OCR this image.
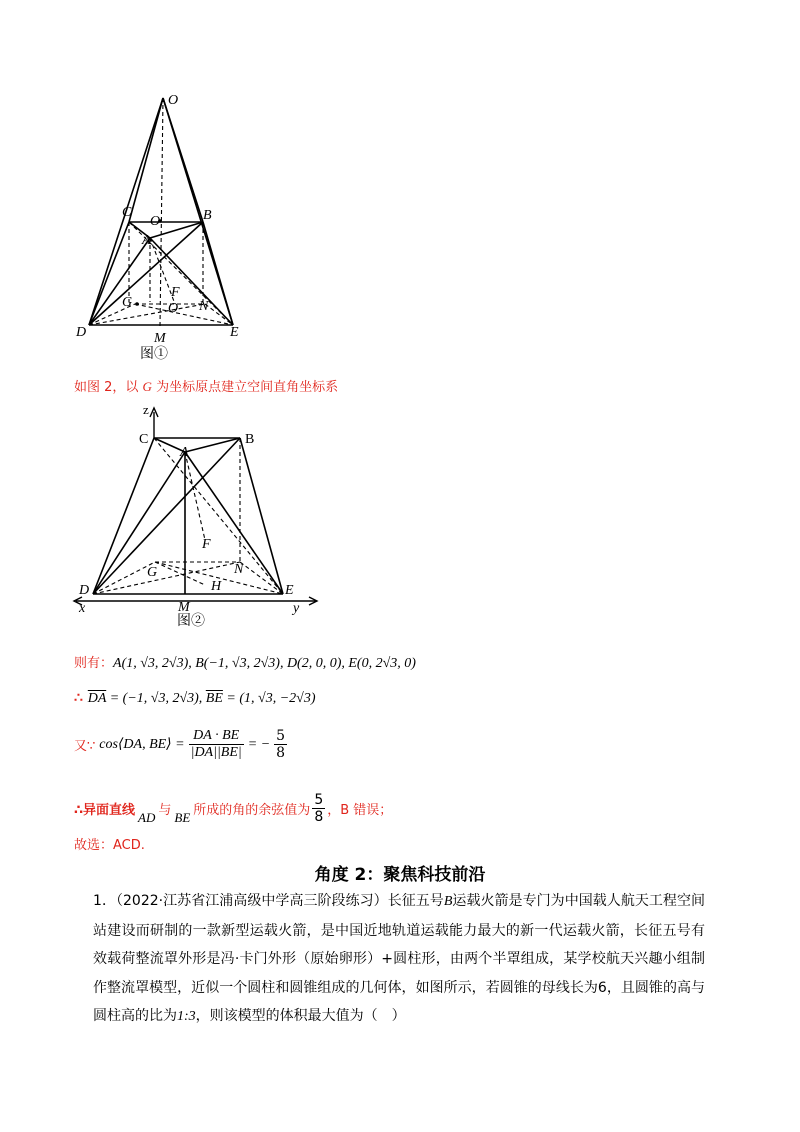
O
C	B
O
A
G
F
O N
D	M	E
图①
如图 2，以 G 为坐标原点建立空间直角坐标系
z
C	B
A
F
G	N
H
D	E
x	M	y
图②
则有：A(1, √3, 2√3), B(−1, √3, 2√3), D(2, 0, 0), E(0, 2√3, 0)
∴ $\overline{DA} = (-1$, √3, 2√3), $\overline{BE} = (1$, √3, −2√3)
又∵ cos⟨DA, BE⟩ = $\frac{DA \cdot BE}{|DA||BE|}$ = − $\frac{5}{8}$
∴异面直线 AD 与 BE 所成的角的余弦值为 $\frac{5}{8}$ ，B 错误；
故选：ACD.
角度 2：聚焦科技前沿
1．（2022·江苏省江浦高级中学高三阶段练习）长征五号B运载火箭是专门为中国载人航天工程空间站建设而研制的一款新型运载火箭，是中国近地轨道运载能力最大的新一代运载火箭，长征五号有效载荷整流罩外形是冯·卡门外形（原始卵形）+圆柱形，由两个半罩组成，某学校航天兴趣小组制作整流罩模型，近似一个圆柱和圆锥组成的几何体，如图所示，若圆锥的母线长为6，且圆锥的高与圆柱高的比为1:3，则该模型的体积最大值为（　）
